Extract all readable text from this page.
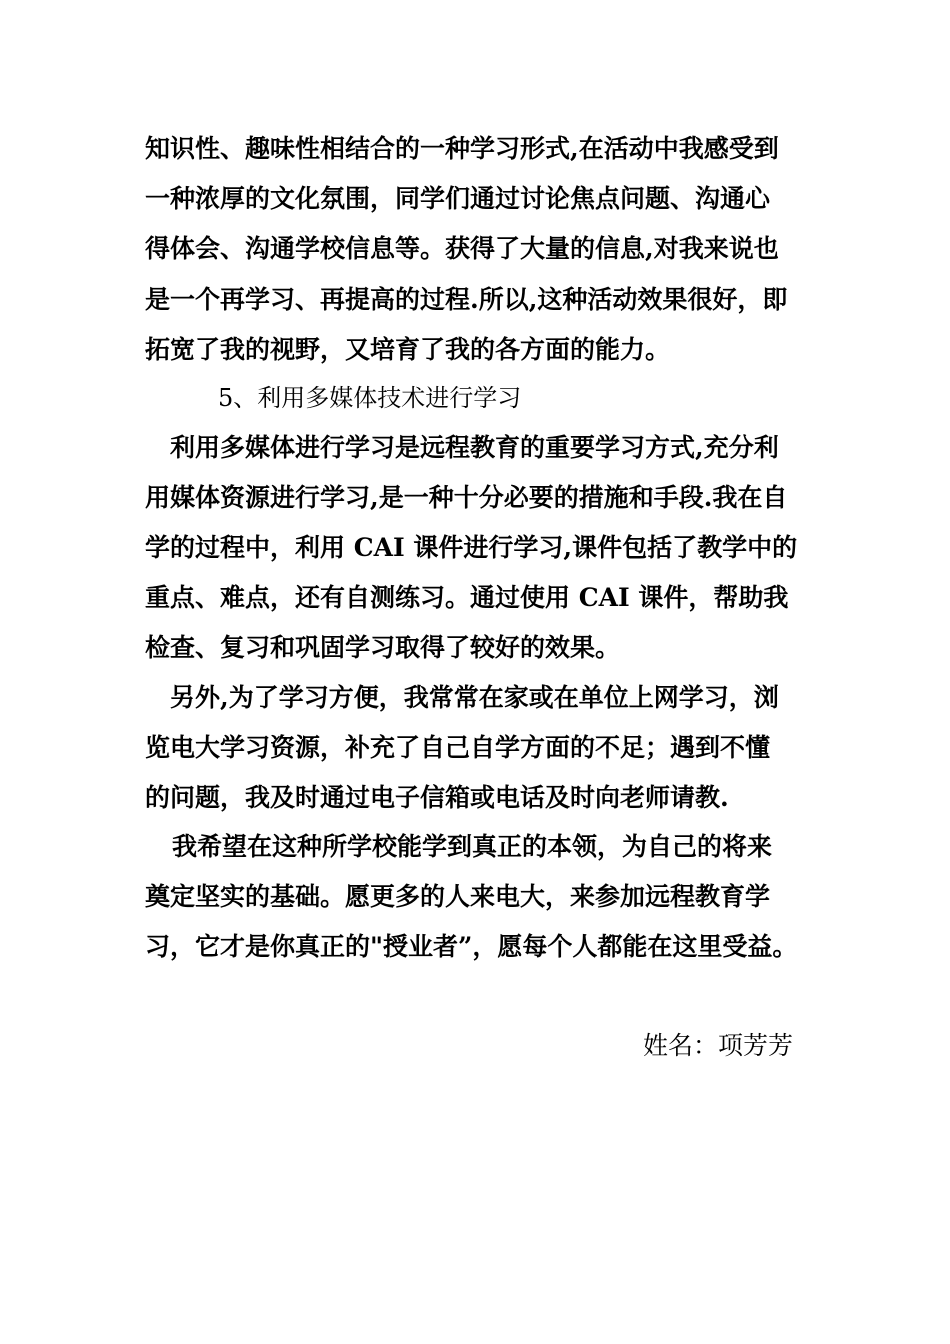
知识性、趣味性相结合的一种学习形式,在活动中我感受到
一种浓厚的文化氛围，同学们通过讨论焦点问题、沟通心
得体会、沟通学校信息等。获得了大量的信息,对我来说也
是一个再学习、再提高的过程.所以,这种活动效果很好，即
拓宽了我的视野，又培育了我的各方面的能力。
5、利用多媒体技术进行学习
利用多媒体进行学习是远程教育的重要学习方式,充分利
用媒体资源进行学习,是一种十分必要的措施和手段.我在自
学的过程中，利用 CAI 课件进行学习,课件包括了教学中的
重点、难点，还有自测练习。通过使用 CAI 课件，帮助我
检查、复习和巩固学习取得了较好的效果。
另外,为了学习方便，我常常在家或在单位上网学习，浏
览电大学习资源，补充了自己自学方面的不足；遇到不懂
的问题，我及时通过电子信箱或电话及时向老师请教.
我希望在这种所学校能学到真正的本领，为自己的将来
奠定坚实的基础。愿更多的人来电大，来参加远程教育学
习，它才是你真正的"授业者”，愿每个人都能在这里受益。
姓名：项芳芳
